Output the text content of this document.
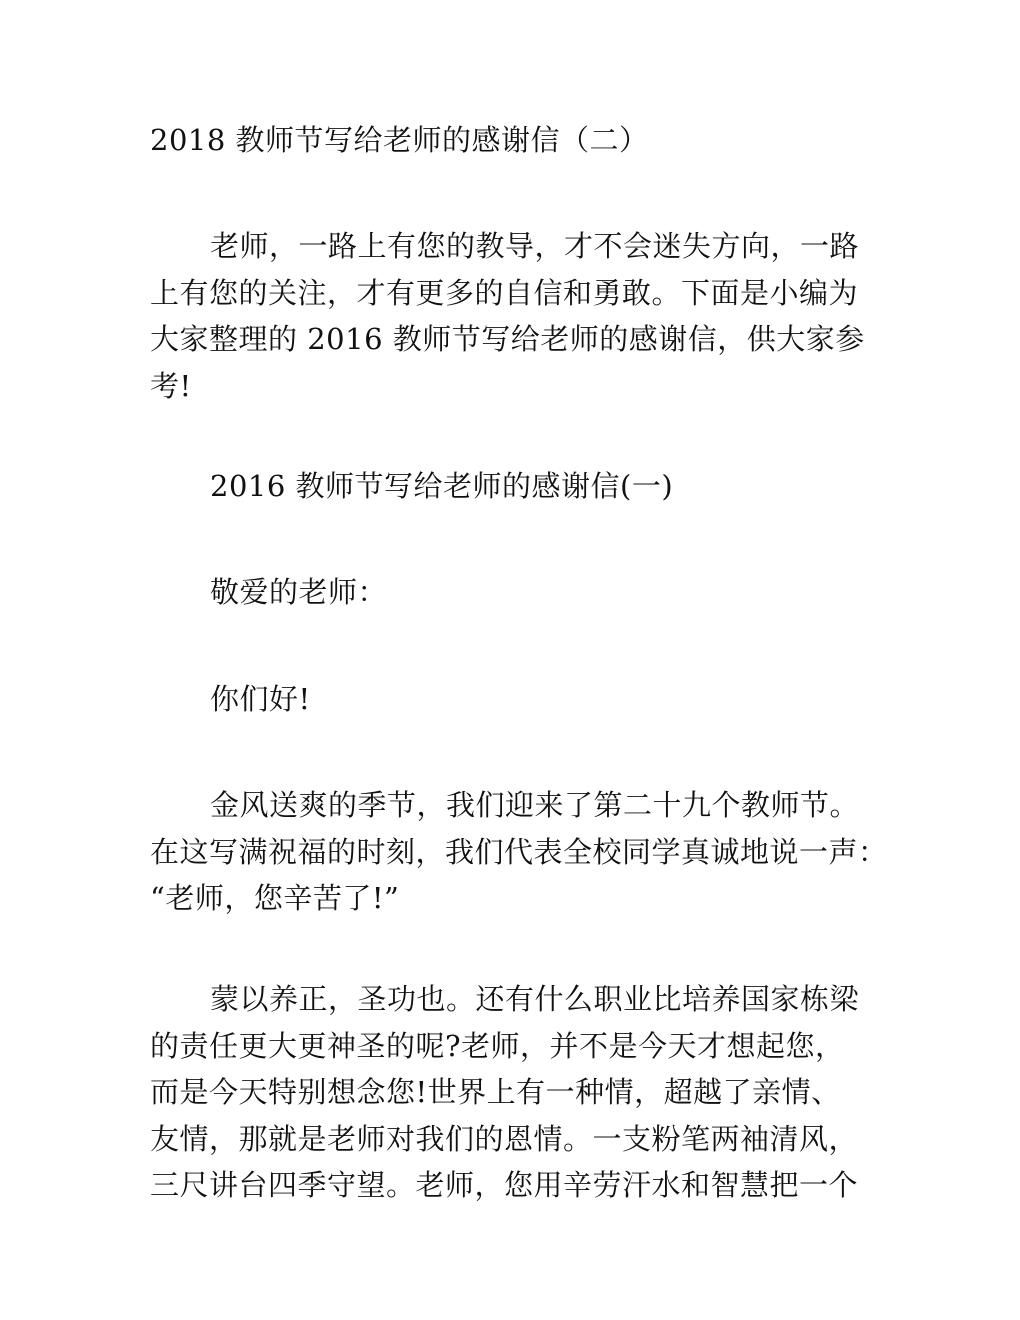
2018 教师节写给老师的感谢信（二）

老师，一路上有您的教导，才不会迷失方向，一路
上有您的关注，才有更多的自信和勇敢。下面是小编为
大家整理的 2016 教师节写给老师的感谢信，供大家参
考!

2016 教师节写给老师的感谢信(一)

敬爱的老师：

你们好!

金风送爽的季节，我们迎来了第二十九个教师节。
在这写满祝福的时刻，我们代表全校同学真诚地说一声：
“老师，您辛苦了!”

蒙以养正，圣功也。还有什么职业比培养国家栋梁
的责任更大更神圣的呢?老师，并不是今天才想起您，
而是今天特别想念您!世界上有一种情，超越了亲情、
友情，那就是老师对我们的恩情。一支粉笔两袖清风，
三尺讲台四季守望。老师，您用辛劳汗水和智慧把一个
